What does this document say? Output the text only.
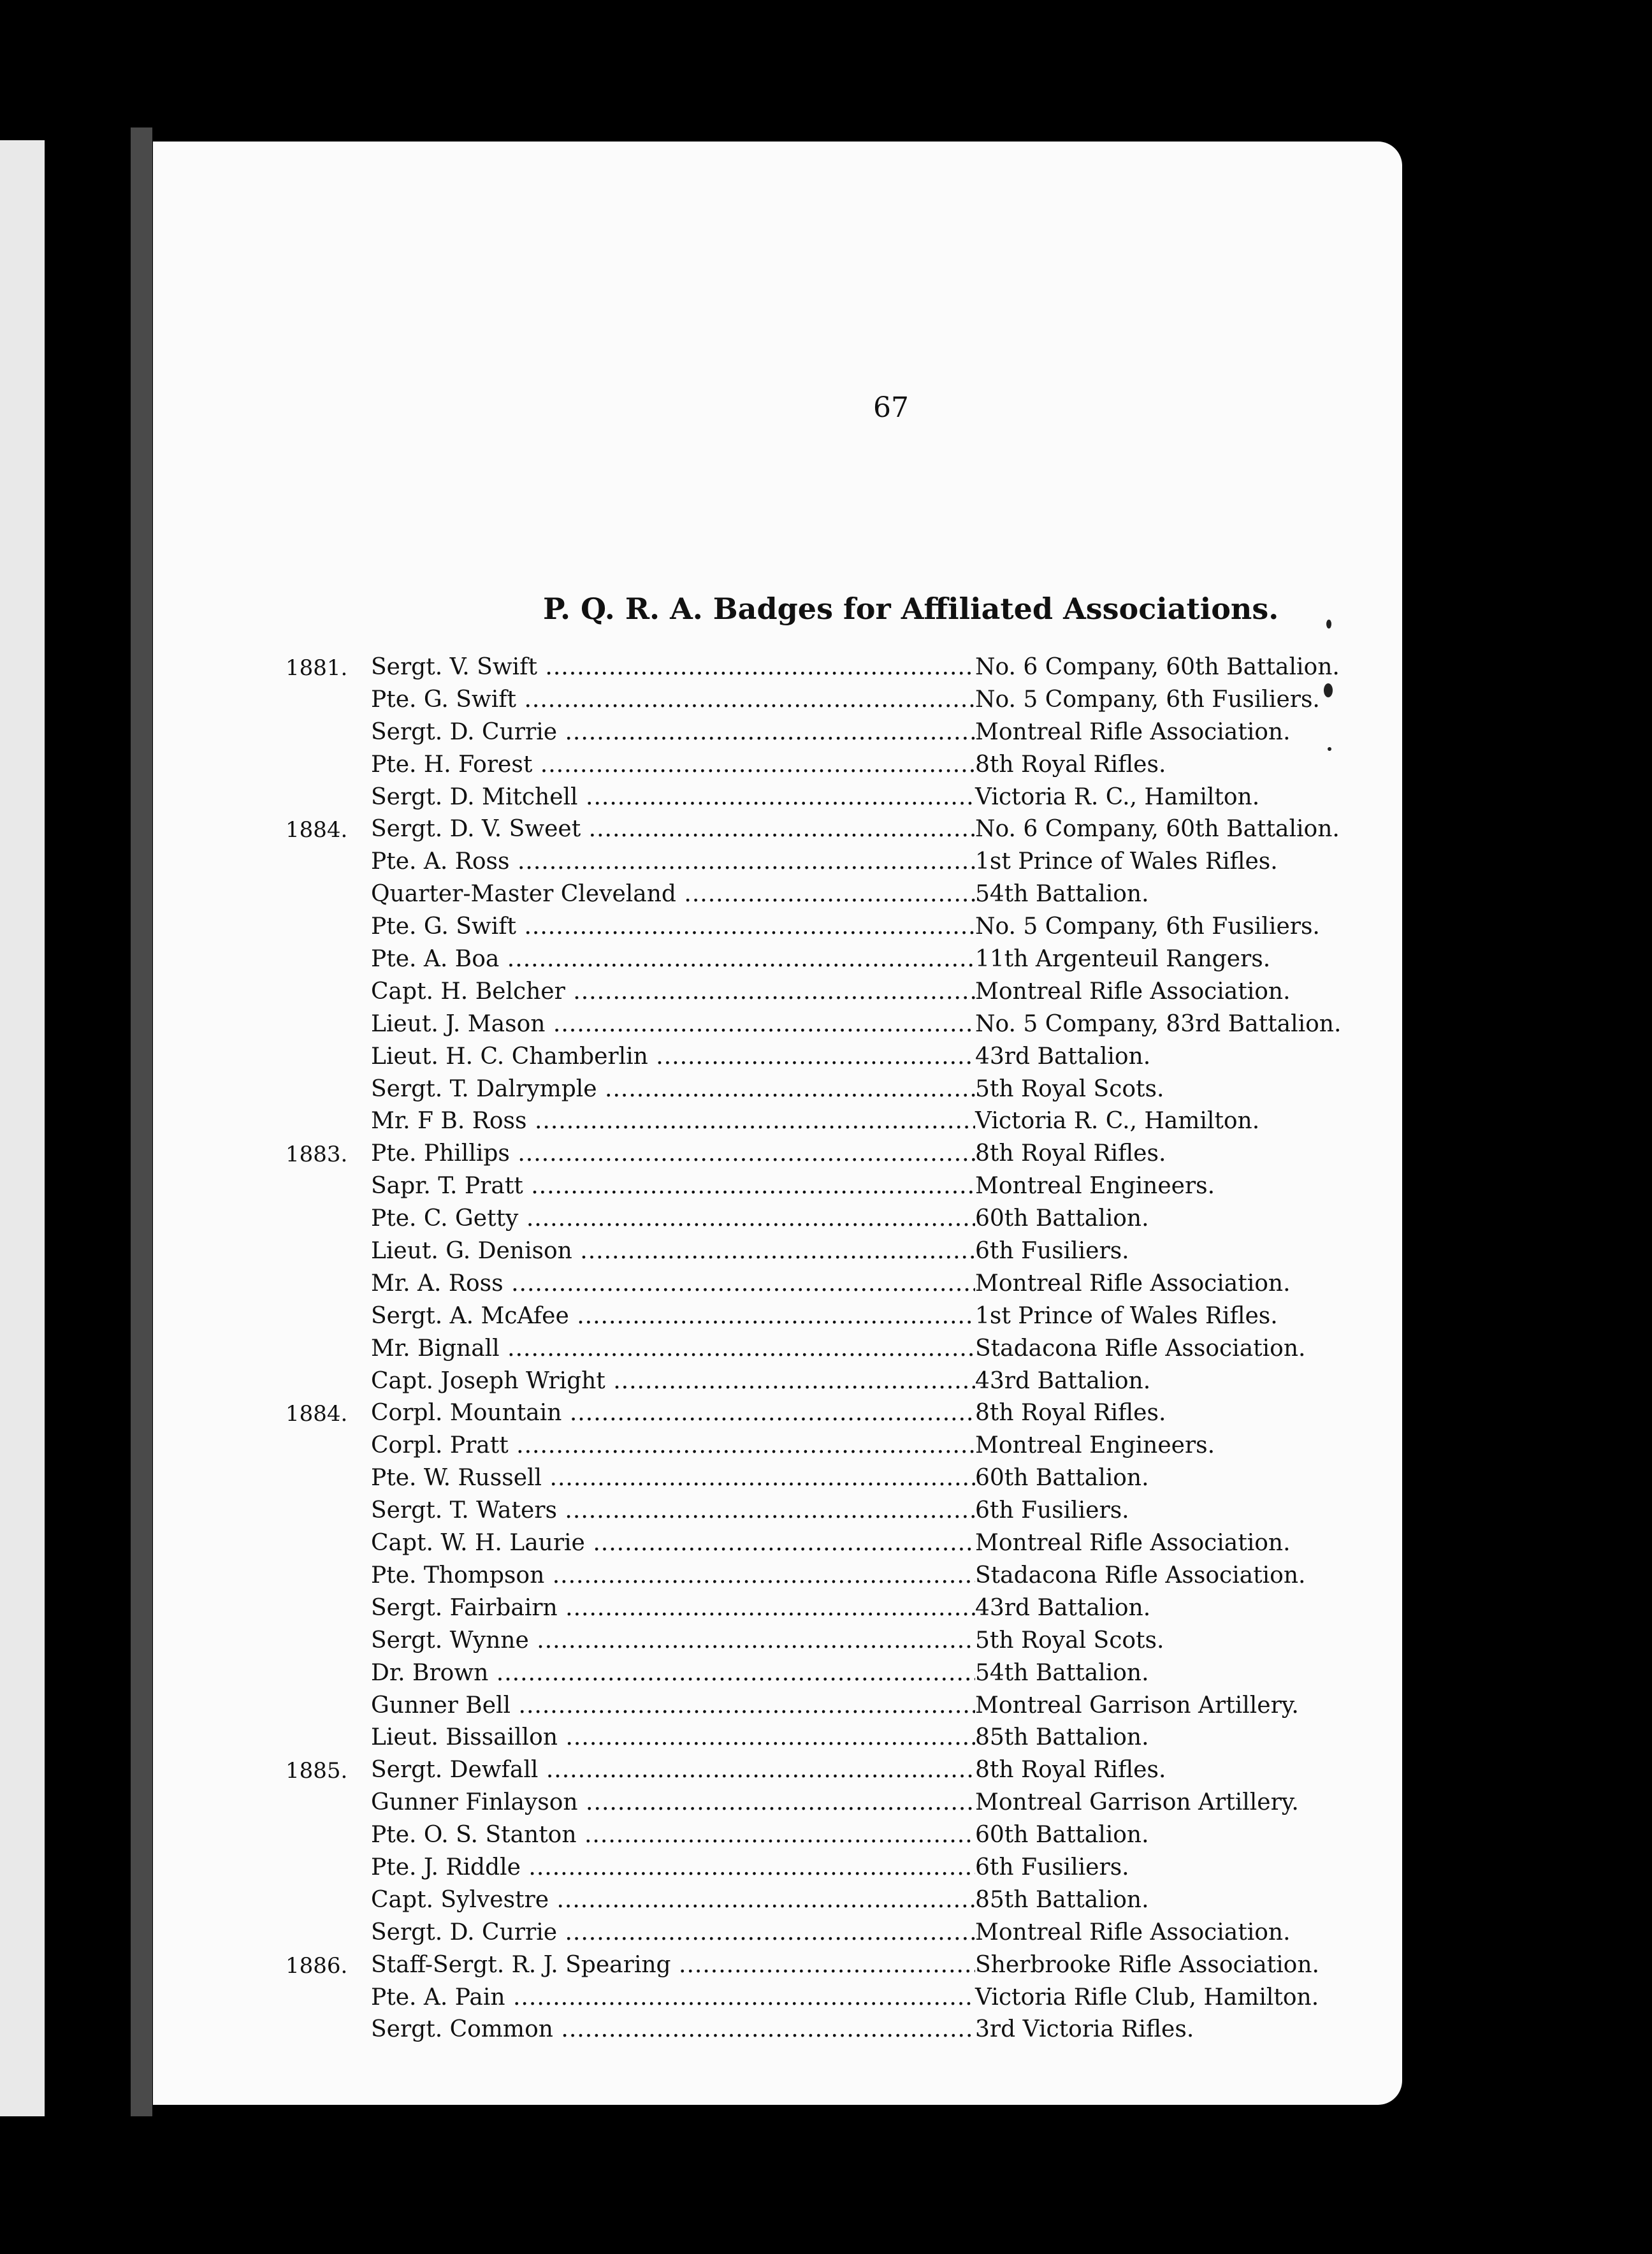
67
P. Q. R. A. Badges for Affiliated Associations.
1881. Sergt. V. Swift .....	No. 6 Company, 60th Battalion.
Pte. G. Swift .....	No. 5 Company, 6th Fusiliers.
Sergt. D. Currie .....	Montreal Rifle Association.
Pte. H. Forest .....	8th Royal Rifles.
Sergt. D. Mitchell .....	Victoria R. C., Hamilton.
1884. Sergt. D. V. Sweet .....	No. 6 Company, 60th Battalion.
Pte. A. Ross .....	1st Prince of Wales Rifles.
Quarter-Master Cleveland .....	54th Battalion.
Pte. G. Swift .....	No. 5 Company, 6th Fusiliers.
Pte. A. Boa .....	11th Argenteuil Rangers.
Capt. H. Belcher .....	Montreal Rifle Association.
Lieut. J. Mason .....	No. 5 Company, 83rd Battalion.
Lieut. H. C. Chamberlin .....	43rd Battalion.
Sergt. T. Dalrymple .....	5th Royal Scots.
Mr. F B. Ross .....	Victoria R. C., Hamilton.
1883. Pte. Phillips .....	8th Royal Rifles.
Sapr. T. Pratt .....	Montreal Engineers.
Pte. C. Getty .....	60th Battalion.
Lieut. G. Denison .....	6th Fusiliers.
Mr. A. Ross .....	Montreal Rifle Association.
Sergt. A. McAfee .....	1st Prince of Wales Rifles.
Mr. Bignall .....	Stadacona Rifle Association.
Capt. Joseph Wright .....	43rd Battalion.
1884. Corpl. Mountain .....	8th Royal Rifles.
Corpl. Pratt .....	Montreal Engineers.
Pte. W. Russell .....	60th Battalion.
Sergt. T. Waters .....	6th Fusiliers.
Capt. W. H. Laurie .....	Montreal Rifle Association.
Pte. Thompson .....	Stadacona Rifle Association.
Sergt. Fairbairn .....	43rd Battalion.
Sergt. Wynne .....	5th Royal Scots.
Dr. Brown .....	54th Battalion.
Gunner Bell .....	Montreal Garrison Artillery.
Lieut. Bissaillon .....	85th Battalion.
1885. Sergt. Dewfall .....	8th Royal Rifles.
Gunner Finlayson .....	Montreal Garrison Artillery.
Pte. O. S. Stanton .....	60th Battalion.
Pte. J. Riddle .....	6th Fusiliers.
Capt. Sylvestre .....	85th Battalion.
Sergt. D. Currie .....	Montreal Rifle Association.
1886. Staff-Sergt. R. J. Spearing .....	Sherbrooke Rifle Association.
Pte. A. Pain .....	Victoria Rifle Club, Hamilton.
Sergt. Common .....	3rd Victoria Rifles.
